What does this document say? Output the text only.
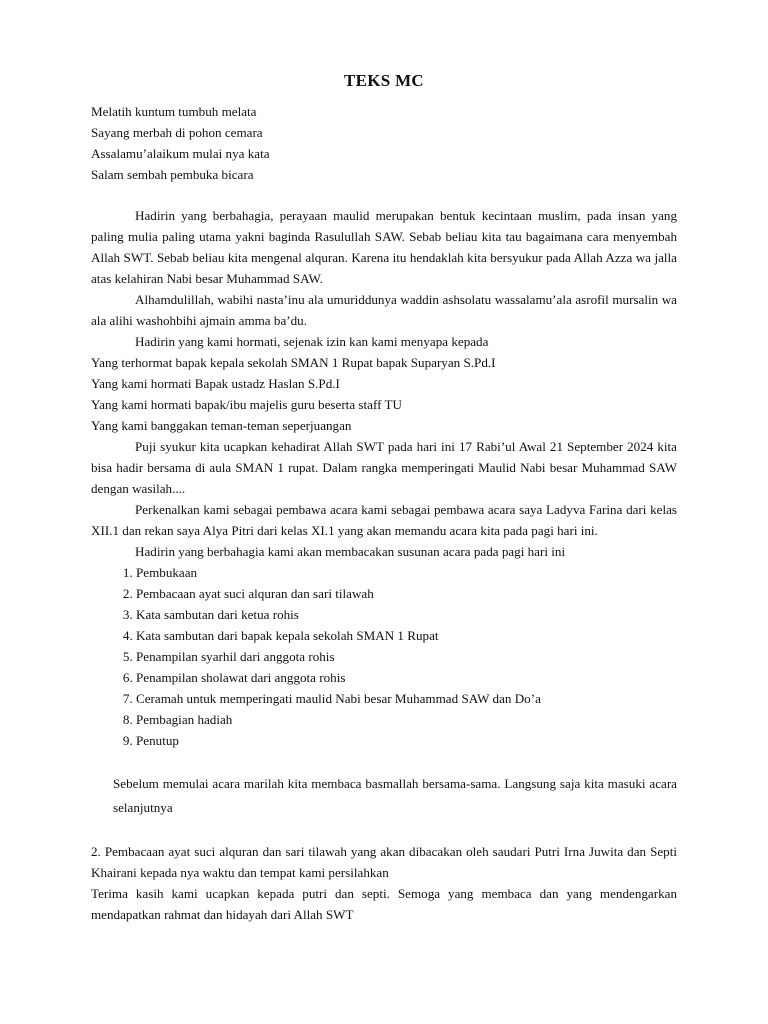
TEKS MC
Melatih kuntum tumbuh melata
Sayang merbah di pohon cemara
Assalamu’alaikum mulai nya kata
Salam sembah pembuka bicara

Hadirin yang berbahagia, perayaan maulid merupakan bentuk kecintaan muslim, pada insan yang paling mulia paling utama yakni baginda Rasulullah SAW. Sebab beliau kita tau bagaimana cara menyembah Allah SWT. Sebab beliau kita mengenal alquran. Karena itu hendaklah kita bersyukur pada Allah Azza wa jalla atas kelahiran Nabi besar Muhammad SAW.

Alhamdulillah, wabihi nasta’inu ala umuriddunya waddin ashsolatu wassalamu’ala asrofil mursalin wa ala alihi washohbihi ajmain amma ba’du.

Hadirin yang kami hormati, sejenak izin kan kami menyapa kepada

Yang terhormat bapak kepala sekolah SMAN 1 Rupat bapak Suparyan S.Pd.I

Yang kami hormati Bapak ustadz Haslan S.Pd.I

Yang kami hormati bapak/ibu majelis guru beserta staff TU

Yang kami banggakan teman-teman seperjuangan

Puji syukur kita ucapkan kehadirat Allah SWT pada hari ini 17 Rabi’ul Awal 21 September 2024 kita bisa hadir bersama di aula SMAN 1 rupat. Dalam rangka memperingati Maulid Nabi besar Muhammad SAW dengan wasilah....

Perkenalkan kami sebagai pembawa acara kami sebagai pembawa acara saya Ladyva Farina dari kelas XII.1 dan rekan saya Alya Pitri dari kelas XI.1 yang akan memandu acara kita pada pagi hari ini.

Hadirin yang berbahagia kami akan membacakan susunan acara pada pagi hari ini

1. Pembukaan
2. Pembacaan ayat suci alquran dan sari tilawah
3. Kata sambutan dari ketua rohis
4. Kata sambutan dari bapak kepala sekolah SMAN 1 Rupat
5. Penampilan syarhil dari anggota rohis
6. Penampilan sholawat dari anggota rohis
7. Ceramah untuk memperingati maulid Nabi besar Muhammad SAW dan Do’a
8. Pembagian hadiah
9. Penutup

Sebelum memulai acara marilah kita membaca basmallah bersama-sama. Langsung saja kita masuki acara selanjutnya

2. Pembacaan ayat suci alquran dan sari tilawah yang akan dibacakan oleh saudari Putri Irna Juwita dan Septi Khairani kepada nya waktu dan tempat kami persilahkan

Terima kasih kami ucapkan kepada putri dan septi. Semoga yang membaca dan yang mendengarkan mendapatkan rahmat dan hidayah dari Allah SWT
